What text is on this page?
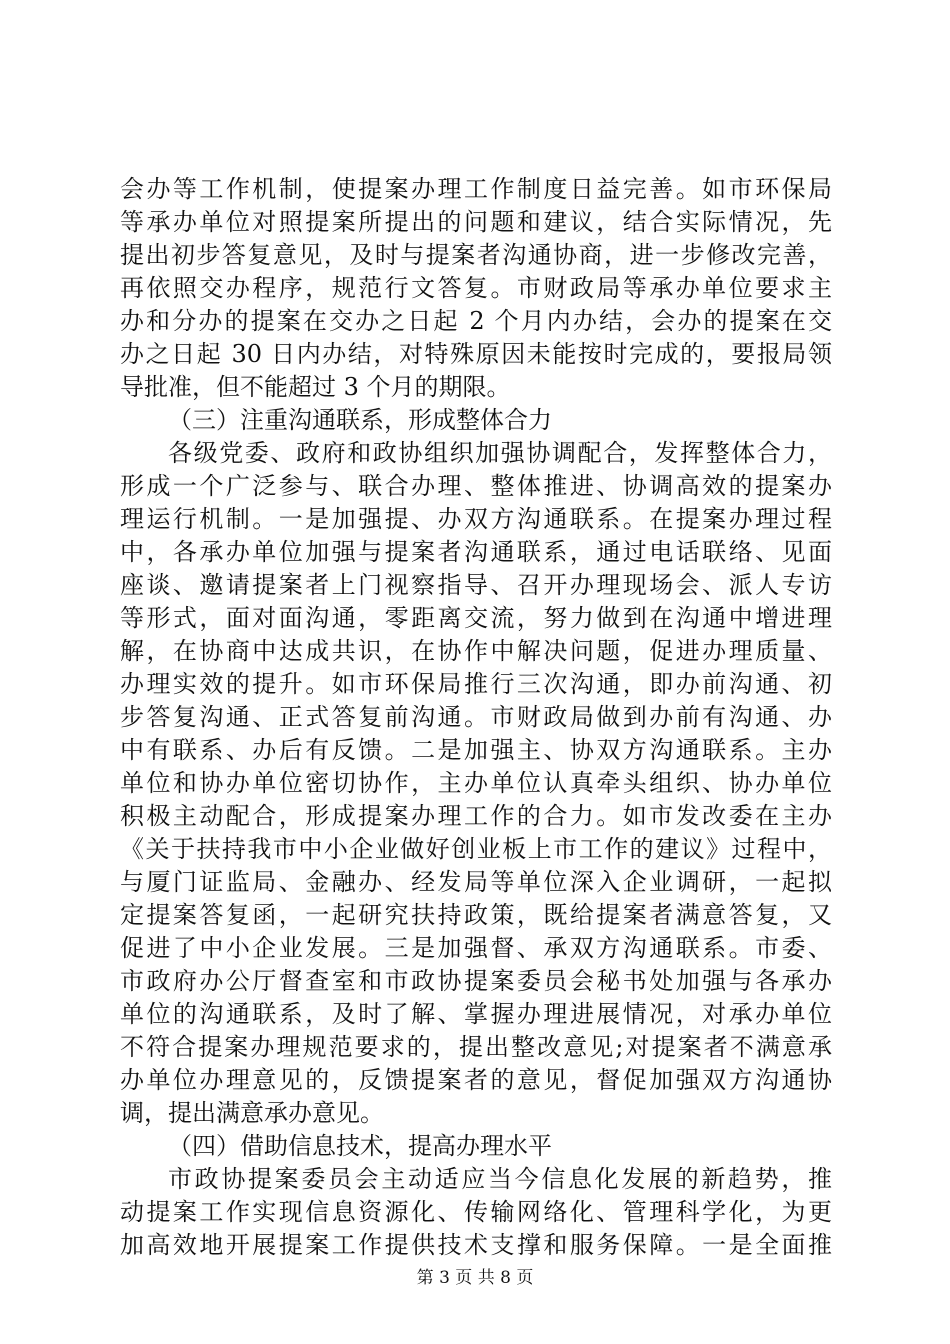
会办等工作机制，使提案办理工作制度日益完善。如市环保局
等承办单位对照提案所提出的问题和建议，结合实际情况，先
提出初步答复意见，及时与提案者沟通协商，进一步修改完善，
再依照交办程序，规范行文答复。市财政局等承办单位要求主
办和分办的提案在交办之日起 2 个月内办结，会办的提案在交
办之日起 30 日内办结，对特殊原因未能按时完成的，要报局领
导批准，但不能超过 3 个月的期限。
（三）注重沟通联系，形成整体合力
各级党委、政府和政协组织加强协调配合，发挥整体合力，
形成一个广泛参与、联合办理、整体推进、协调高效的提案办
理运行机制。一是加强提、办双方沟通联系。在提案办理过程
中，各承办单位加强与提案者沟通联系，通过电话联络、见面
座谈、邀请提案者上门视察指导、召开办理现场会、派人专访
等形式，面对面沟通，零距离交流，努力做到在沟通中增进理
解，在协商中达成共识，在协作中解决问题，促进办理质量、
办理实效的提升。如市环保局推行三次沟通，即办前沟通、初
步答复沟通、正式答复前沟通。市财政局做到办前有沟通、办
中有联系、办后有反馈。二是加强主、协双方沟通联系。主办
单位和协办单位密切协作，主办单位认真牵头组织、协办单位
积极主动配合，形成提案办理工作的合力。如市发改委在主办
《关于扶持我市中小企业做好创业板上市工作的建议》过程中，
与厦门证监局、金融办、经发局等单位深入企业调研，一起拟
定提案答复函，一起研究扶持政策，既给提案者满意答复，又
促进了中小企业发展。三是加强督、承双方沟通联系。市委、
市政府办公厅督查室和市政协提案委员会秘书处加强与各承办
单位的沟通联系，及时了解、掌握办理进展情况，对承办单位
不符合提案办理规范要求的，提出整改意见;对提案者不满意承
办单位办理意见的，反馈提案者的意见，督促加强双方沟通协
调，提出满意承办意见。
（四）借助信息技术，提高办理水平
市政协提案委员会主动适应当今信息化发展的新趋势，推
动提案工作实现信息资源化、传输网络化、管理科学化，为更
加高效地开展提案工作提供技术支撑和服务保障。一是全面推
第 3 页 共 8 页
